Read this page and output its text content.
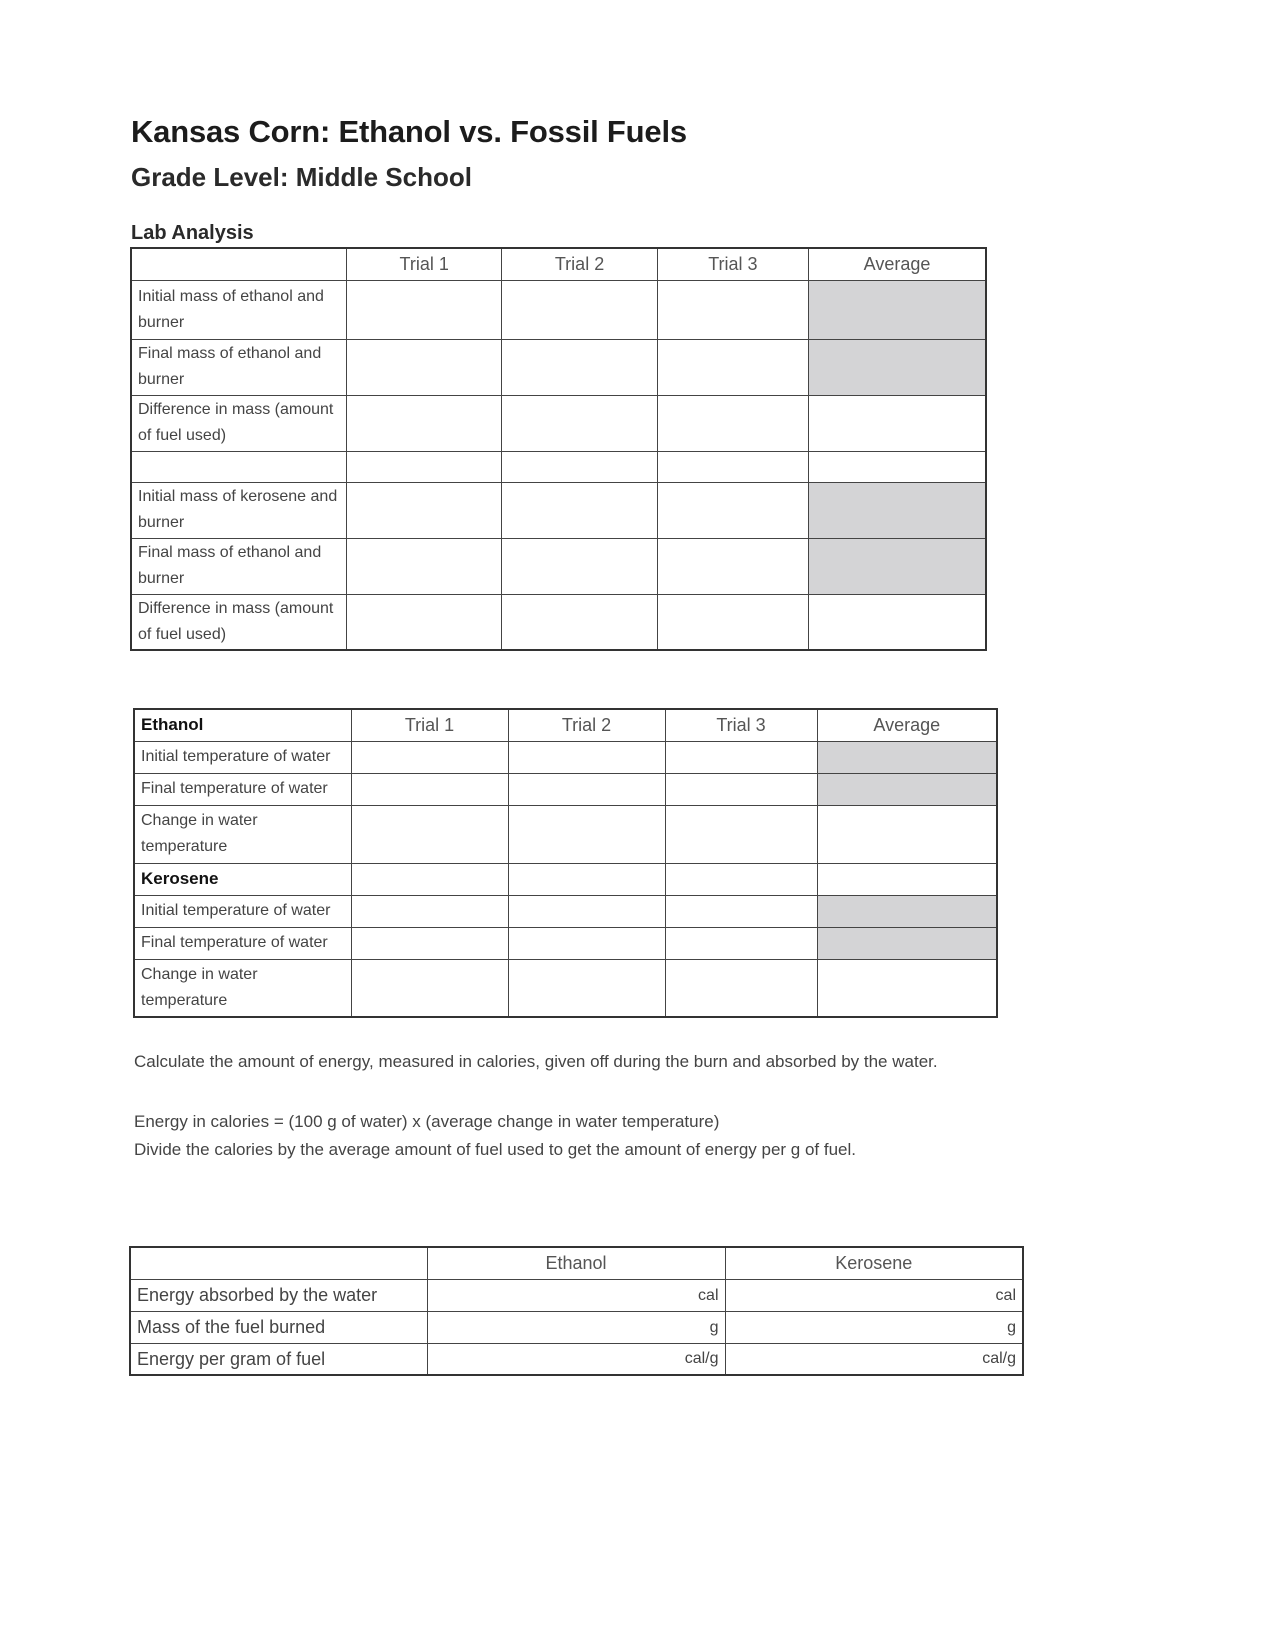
Kansas Corn: Ethanol vs. Fossil Fuels
Grade Level: Middle School
Lab Analysis
	Trial 1	Trial 2	Trial 3	Average
Initial mass of ethanol and burner				
Final mass of ethanol and burner				
Difference in mass (amount of fuel used)				

Initial mass of kerosene and burner				
Final mass of ethanol and burner				
Difference in mass (amount of fuel used)				
Ethanol	Trial 1	Trial 2	Trial 3	Average
Initial temperature of water				
Final temperature of water				
Change in water temperature				
Kerosene				
Initial temperature of water				
Final temperature of water				
Change in water temperature				
Calculate the amount of energy, measured in calories, given off during the burn and absorbed by the water.
Energy in calories = (100 g of water) x (average change in water temperature)
Divide the calories by the average amount of fuel used to get the amount of energy per g of fuel.
	Ethanol	Kerosene
Energy absorbed by the water	cal	cal
Mass of the fuel burned	g	g
Energy per gram of fuel	cal/g	cal/g
